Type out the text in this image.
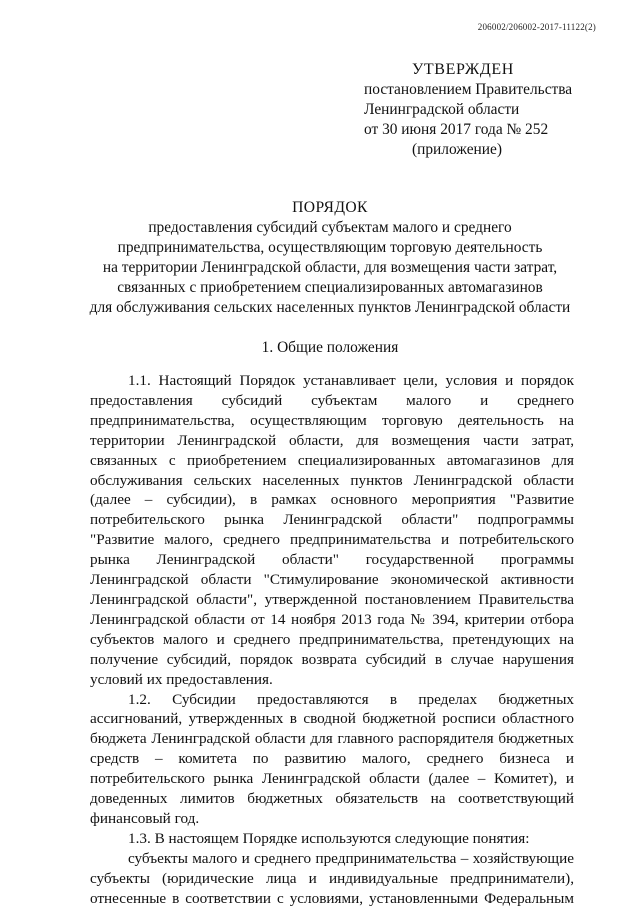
206002/206002-2017-11122(2)
УТВЕРЖДЕН
постановлением Правительства
Ленинградской области
от 30 июня 2017 года № 252
(приложение)
ПОРЯДОК
предоставления субсидий субъектам малого и среднего
предпринимательства, осуществляющим торговую деятельность
на территории Ленинградской области, для возмещения части затрат,
связанных с приобретением специализированных автомагазинов
для обслуживания сельских населенных пунктов Ленинградской области
1. Общие положения

1.1. Настоящий Порядок устанавливает цели, условия и порядок предоставления субсидий субъектам малого и среднего предпринимательства, осуществляющим торговую деятельность на территории Ленинградской области, для возмещения части затрат, связанных с приобретением специализированных автомагазинов для обслуживания сельских населенных пунктов Ленинградской области (далее – субсидии), в рамках основного мероприятия "Развитие потребительского рынка Ленинградской области" подпрограммы "Развитие малого, среднего предпринимательства и потребительского рынка Ленинградской области" государственной программы Ленинградской области "Стимулирование экономической активности Ленинградской области", утвержденной постановлением Правительства Ленинградской области от 14 ноября 2013 года № 394, критерии отбора субъектов малого и среднего предпринимательства, претендующих на получение субсидий, порядок возврата субсидий в случае нарушения условий их предоставления.

1.2. Субсидии предоставляются в пределах бюджетных ассигнований, утвержденных в сводной бюджетной росписи областного бюджета Ленинградской области для главного распорядителя бюджетных средств – комитета по развитию малого, среднего бизнеса и потребительского рынка Ленинградской области (далее – Комитет), и доведенных лимитов бюджетных обязательств на соответствующий финансовый год.

1.3. В настоящем Порядке используются следующие понятия:

субъекты малого и среднего предпринимательства – хозяйствующие субъекты (юридические лица и индивидуальные предприниматели), отнесенные в соответствии с условиями, установленными Федеральным
